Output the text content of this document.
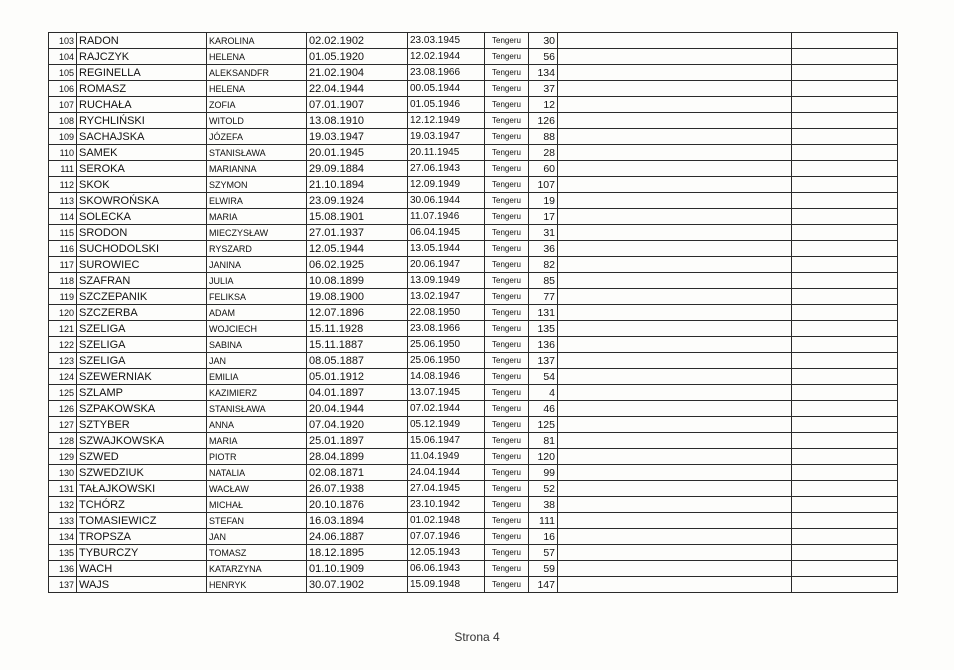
103	RADON	KAROLINA	02.02.1902	23.03.1945	Tengeru	30		
104	RAJCZYK	HELENA	01.05.1920	12.02.1944	Tengeru	56		
105	REGINELLA	ALEKSANDFR	21.02.1904	23.08.1966	Tengeru	134		
106	ROMASZ	HELENA	22.04.1944	00.05.1944	Tengeru	37		
107	RUCHAŁA	ZOFIA	07.01.1907	01.05.1946	Tengeru	12		
108	RYCHLIŃSKI	WITOLD	13.08.1910	12.12.1949	Tengeru	126		
109	SACHAJSKA	JÓZEFA	19.03.1947	19.03.1947	Tengeru	88		
110	SAMEK	STANISŁAWA	20.01.1945	20.11.1945	Tengeru	28		
111	SEROKA	MARIANNA	29.09.1884	27.06.1943	Tengeru	60		
112	SKOK	SZYMON	21.10.1894	12.09.1949	Tengeru	107		
113	SKOWROŃSKA	ELWIRA	23.09.1924	30.06.1944	Tengeru	19		
114	SOLECKA	MARIA	15.08.1901	11.07.1946	Tengeru	17		
115	SRODON	MIECZYSŁAW	27.01.1937	06.04.1945	Tengeru	31		
116	SUCHODOLSKI	RYSZARD	12.05.1944	13.05.1944	Tengeru	36		
117	SUROWIEC	JANINA	06.02.1925	20.06.1947	Tengeru	82		
118	SZAFRAN	JULIA	10.08.1899	13.09.1949	Tengeru	85		
119	SZCZEPANIK	FELIKSA	19.08.1900	13.02.1947	Tengeru	77		
120	SZCZERBA	ADAM	12.07.1896	22.08.1950	Tengeru	131		
121	SZELIGA	WOJCIECH	15.11.1928	23.08.1966	Tengeru	135		
122	SZELIGA	SABINA	15.11.1887	25.06.1950	Tengeru	136		
123	SZELIGA	JAN	08.05.1887	25.06.1950	Tengeru	137		
124	SZEWERNIAK	EMILIA	05.01.1912	14.08.1946	Tengeru	54		
125	SZLAMP	KAZIMIERZ	04.01.1897	13.07.1945	Tengeru	4		
126	SZPAKOWSKA	STANISŁAWA	20.04.1944	07.02.1944	Tengeru	46		
127	SZTYBER	ANNA	07.04.1920	05.12.1949	Tengeru	125		
128	SZWAJKOWSKA	MARIA	25.01.1897	15.06.1947	Tengeru	81		
129	SZWED	PIOTR	28.04.1899	11.04.1949	Tengeru	120		
130	SZWEDZIUK	NATALIA	02.08.1871	24.04.1944	Tengeru	99		
131	TAŁAJKOWSKI	WACŁAW	26.07.1938	27.04.1945	Tengeru	52		
132	TCHÓRZ	MICHAŁ	20.10.1876	23.10.1942	Tengeru	38		
133	TOMASIEWICZ	STEFAN	16.03.1894	01.02.1948	Tengeru	111		
134	TROPSZA	JAN	24.06.1887	07.07.1946	Tengeru	16		
135	TYBURCZY	TOMASZ	18.12.1895	12.05.1943	Tengeru	57		
136	WACH	KATARZYNA	01.10.1909	06.06.1943	Tengeru	59		
137	WAJS	HENRYK	30.07.1902	15.09.1948	Tengeru	147		
Strona 4
